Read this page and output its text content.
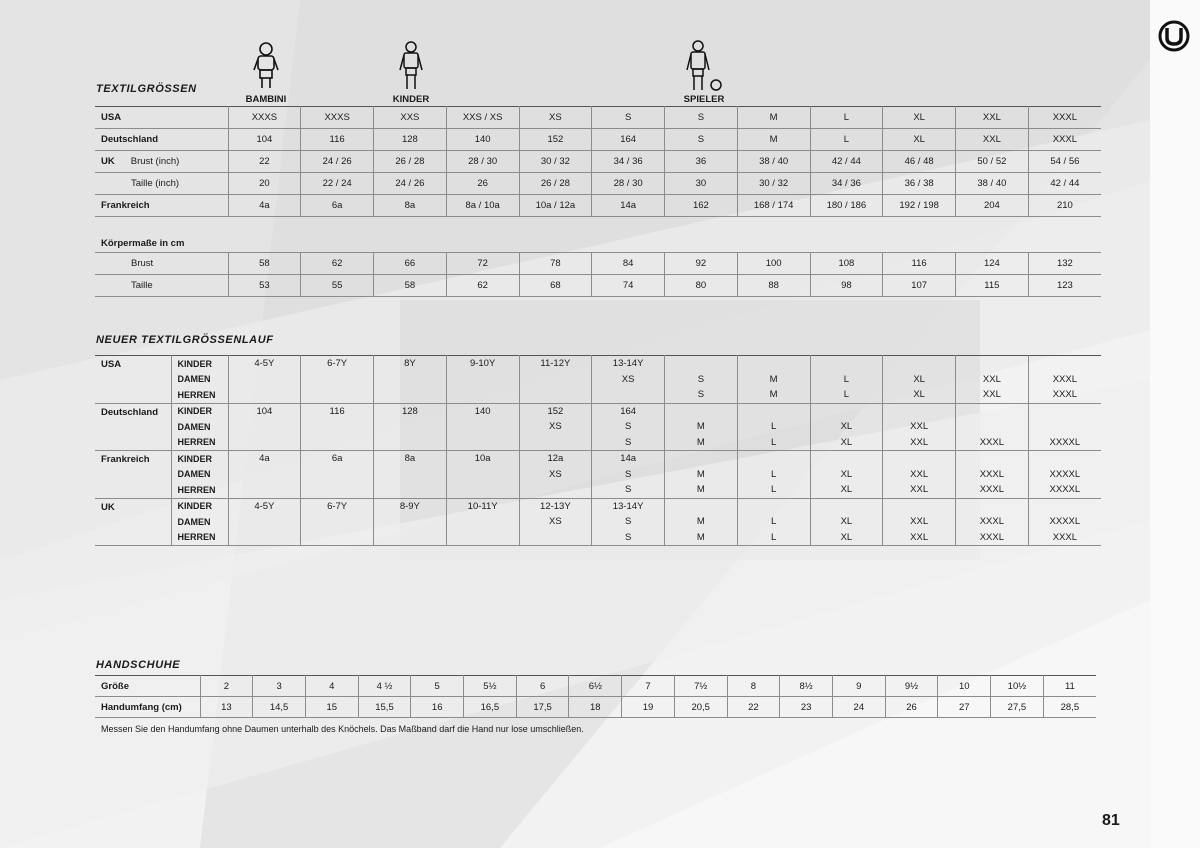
TEXTILGRÖSSEN
NEUER TEXTILGRÖSSENLAUF
HANDSCHUHE
BAMBINI	KINDER	SPIELER
USA	XXXS	XXXS	XXS	XXS / XS	XS	S	S	M	L	XL	XXL	XXXL
Deutschland	104	116	128	140	152	164	S	M	L	XL	XXL	XXXL
UK Brust (inch)	22	24 / 26	26 / 28	28 / 30	30 / 32	34 / 36	36	38 / 40	42 / 44	46 / 48	50 / 52	54 / 56
Taille (inch)	20	22 / 24	24 / 26	26	26 / 28	28 / 30	30	30 / 32	34 / 36	36 / 38	38 / 40	42 / 44
Frankreich	4a	6a	8a	8a / 10a	10a / 12a	14a	162	168 / 174	180 / 186	192 / 198	204	210
Körpermaße in cm												
Brust	58	62	66	72	78	84	92	100	108	116	124	132
Taille	53	55	58	62	68	74	80	88	98	107	115	123
USA	KINDER	4-5Y	6-7Y	8Y	9-10Y	11-12Y	13-14Y						
	DAMEN						XS	S	M	L	XL	XXL	XXXL
	HERREN							S	M	L	XL	XXL	XXXL
Deutschland	KINDER	104	116	128	140	152	164						
	DAMEN					XS	S	M	L	XL	XXL		
	HERREN						S	M	L	XL	XXL	XXXL	XXXXL
Frankreich	KINDER	4a	6a	8a	10a	12a	14a						
	DAMEN					XS	S	M	L	XL	XXL	XXXL	XXXXL
	HERREN						S	M	L	XL	XXL	XXXL	XXXXL
UK	KINDER	4-5Y	6-7Y	8-9Y	10-11Y	12-13Y	13-14Y						
	DAMEN					XS	S	M	L	XL	XXL	XXXL	XXXXL
	HERREN						S	M	L	XL	XXL	XXXL	XXXL
Größe	2	3	4	4 ½	5	5½	6	6½	7	7½	8	8½	9	9½	10	10½	11
Handumfang (cm)	13	14,5	15	15,5	16	16,5	17,5	18	19	20,5	22	23	24	26	27	27,5	28,5
Messen Sie den Handumfang ohne Daumen unterhalb des Knöchels. Das Maßband darf die Hand nur lose umschließen.
81
